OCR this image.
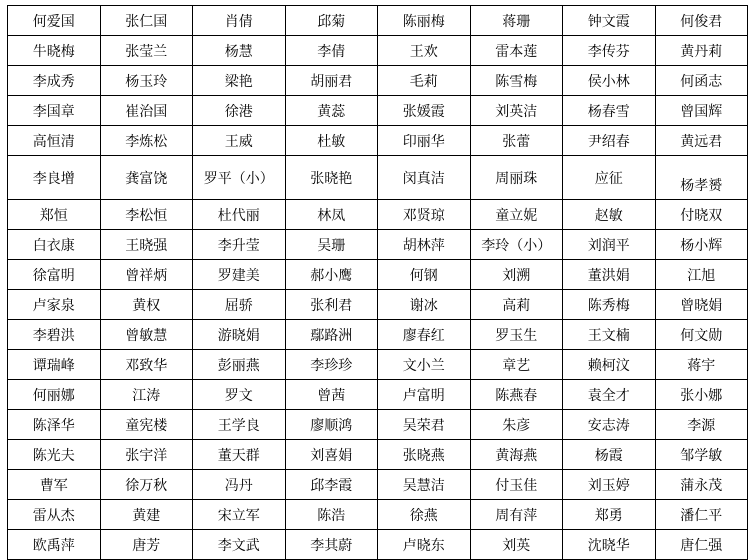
何爱国	张仁国	肖倩	邱菊	陈丽梅	蒋珊	钟文霞	何俊君
牛晓梅	张莹兰	杨慧	李倩	王欢	雷本莲	李传芬	黄丹莉
李成秀	杨玉玲	梁艳	胡丽君	毛莉	陈雪梅	侯小林	何函志
李国章	崔治国	徐港	黄蕊	张媛霞	刘英洁	杨春雪	曾国辉
高恒清	李炼松	王威	杜敏	印丽华	张蕾	尹绍春	黄远君
李良增	龚富饶	罗平（小）	张晓艳	闵真洁	周丽珠	应征	杨孝赟
郑恒	李松恒	杜代丽	林凤	邓贤琼	童立妮	赵敏	付晓双
白衣康	王晓强	李升莹	吴珊	胡林萍	李玲（小）	刘润平	杨小辉
徐富明	曾祥炳	罗建美	郝小鹰	何钢	刘溯	董洪娟	江旭
卢家泉	黄权	屈骄	张利君	谢冰	高莉	陈秀梅	曾晓娟
李碧洪	曾敏慧	游晓娟	鄢路洲	廖春红	罗玉生	王文楠	何文勋
谭瑞峰	邓致华	彭丽燕	李珍珍	文小兰	章艺	赖柯汶	蒋宇
何丽娜	江涛	罗文	曾茜	卢富明	陈燕春	袁全才	张小娜
陈泽华	童宪楼	王学良	廖顺鸿	吴荣君	朱彦	安志涛	李源
陈光夫	张宇洋	董天群	刘喜娟	张晓燕	黄海燕	杨霞	邹学敏
曹军	徐万秋	冯丹	邱李霞	吴慧洁	付玉佳	刘玉婷	蒲永茂
雷从杰	黄建	宋立军	陈浩	徐燕	周有萍	郑勇	潘仁平
欧禹萍	唐芳	李文武	李其蔚	卢晓东	刘英	沈晓华	唐仁强
